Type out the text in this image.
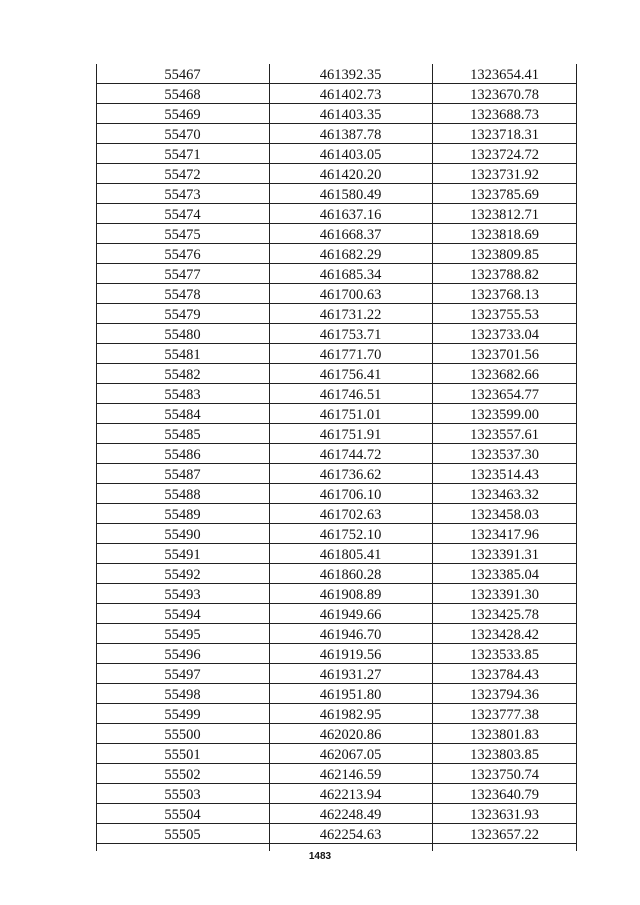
55467	461392.35	1323654.41
55468	461402.73	1323670.78
55469	461403.35	1323688.73
55470	461387.78	1323718.31
55471	461403.05	1323724.72
55472	461420.20	1323731.92
55473	461580.49	1323785.69
55474	461637.16	1323812.71
55475	461668.37	1323818.69
55476	461682.29	1323809.85
55477	461685.34	1323788.82
55478	461700.63	1323768.13
55479	461731.22	1323755.53
55480	461753.71	1323733.04
55481	461771.70	1323701.56
55482	461756.41	1323682.66
55483	461746.51	1323654.77
55484	461751.01	1323599.00
55485	461751.91	1323557.61
55486	461744.72	1323537.30
55487	461736.62	1323514.43
55488	461706.10	1323463.32
55489	461702.63	1323458.03
55490	461752.10	1323417.96
55491	461805.41	1323391.31
55492	461860.28	1323385.04
55493	461908.89	1323391.30
55494	461949.66	1323425.78
55495	461946.70	1323428.42
55496	461919.56	1323533.85
55497	461931.27	1323784.43
55498	461951.80	1323794.36
55499	461982.95	1323777.38
55500	462020.86	1323801.83
55501	462067.05	1323803.85
55502	462146.59	1323750.74
55503	462213.94	1323640.79
55504	462248.49	1323631.93
55505	462254.63	1323657.22
1483
